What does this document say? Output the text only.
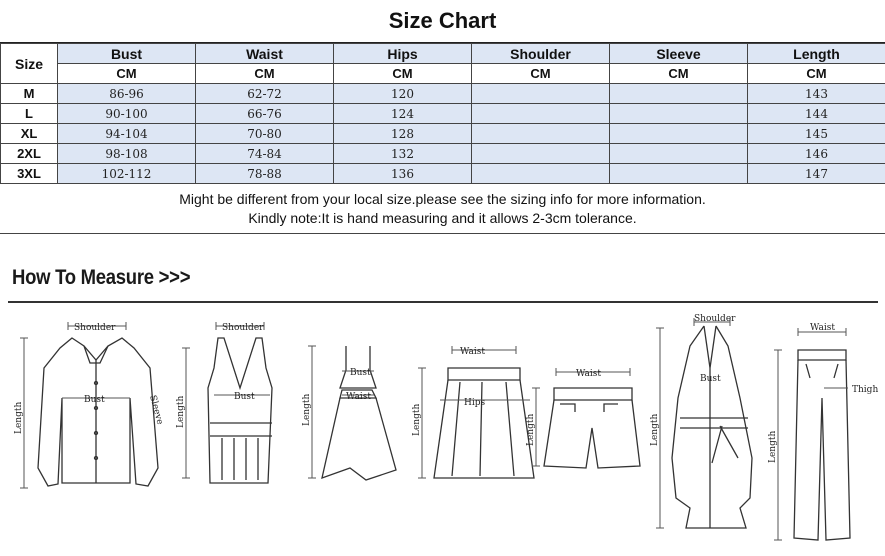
Size Chart
Size	Bust	Waist	Hips	Shoulder	Sleeve	Length
	CM	CM	CM	CM	CM	CM
M	86-96	62-72	120			143
L	90-100	66-76	124			144
XL	94-104	70-80	128			145
2XL	98-108	74-84	132			146
3XL	102-112	78-88	136			147
Might be different from your local size.please see the sizing info for more information.
Kindly note:It is hand measuring and it allows 2-3cm tolerance.
How To Measure >>>
Shoulder
Bust	Sleeve
Length
Shoulder
Bust
Length
Bust
Waist
Length
Waist
Hips
Length
Waist
Length
Shoulder
Bust
Length
Waist
Thigh
Length
